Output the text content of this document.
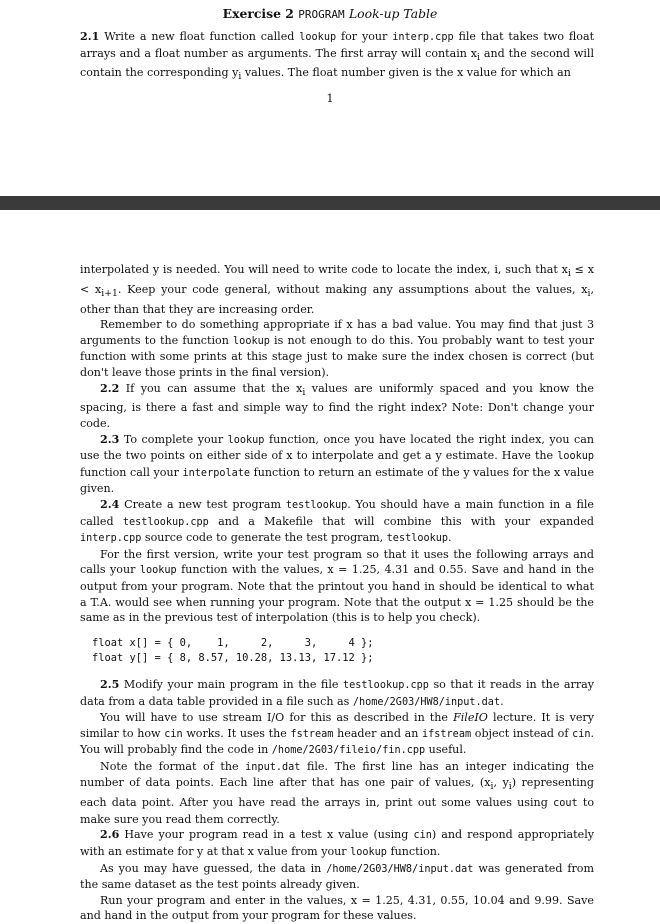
Exercise 2 PROGRAM Look-up Table

2.1 Write a new float function called lookup for your interp.cpp file that takes two float arrays and a float number as arguments. The first array will contain $x_i$ and the second will contain the corresponding $y_i$ values. The float number given is the x value for which an

1

interpolated y is needed. You will need to write code to locate the index, i, such that $x_i \le x < x_{i+1}$. Keep your code general, without making any assumptions about the values, $x_i$, other than that they are increasing order.

Remember to do something appropriate if x has a bad value. You may find that just 3 arguments to the function lookup is not enough to do this. You probably want to test your function with some prints at this stage just to make sure the index chosen is correct (but don't leave those prints in the final version).

2.2 If you can assume that the $x_i$ values are uniformly spaced and you know the spacing, is there a fast and simple way to find the right index? Note: Don't change your code.

2.3 To complete your lookup function, once you have located the right index, you can use the two points on either side of x to interpolate and get a y estimate. Have the lookup function call your interpolate function to return an estimate of the y values for the x value given.

2.4 Create a new test program testlookup. You should have a main function in a file called testlookup.cpp and a Makefile that will combine this with your expanded interp.cpp source code to generate the test program, testlookup.

For the first version, write your test program so that it uses the following arrays and calls your lookup function with the values, x = 1.25, 4.31 and 0.55. Save and hand in the output from your program. Note that the printout you hand in should be identical to what a T.A. would see when running your program. Note that the output x = 1.25 should be the same as in the previous test of interpolation (this is to help you check).

float x[] = { 0,    1,     2,     3,     4 };
float y[] = { 8, 8.57, 10.28, 13.13, 17.12 };

2.5 Modify your main program in the file testlookup.cpp so that it reads in the array data from a data table provided in a file such as /home/2G03/HW8/input.dat.

You will have to use stream I/O for this as described in the FileIO lecture. It is very similar to how cin works. It uses the fstream header and an ifstream object instead of cin. You will probably find the code in /home/2G03/fileio/fin.cpp useful.

Note the format of the input.dat file. The first line has an integer indicating the number of data points. Each line after that has one pair of values, ($x_i$, $y_i$) representing each data point. After you have read the arrays in, print out some values using cout to make sure you read them correctly.

2.6 Have your program read in a test x value (using cin) and respond appropriately with an estimate for y at that x value from your lookup function.

As you may have guessed, the data in /home/2G03/HW8/input.dat was generated from the same dataset as the test points already given.

Run your program and enter in the values, x = 1.25, 4.31, 0.55, 10.04 and 9.99. Save and hand in the output from your program for these values.
